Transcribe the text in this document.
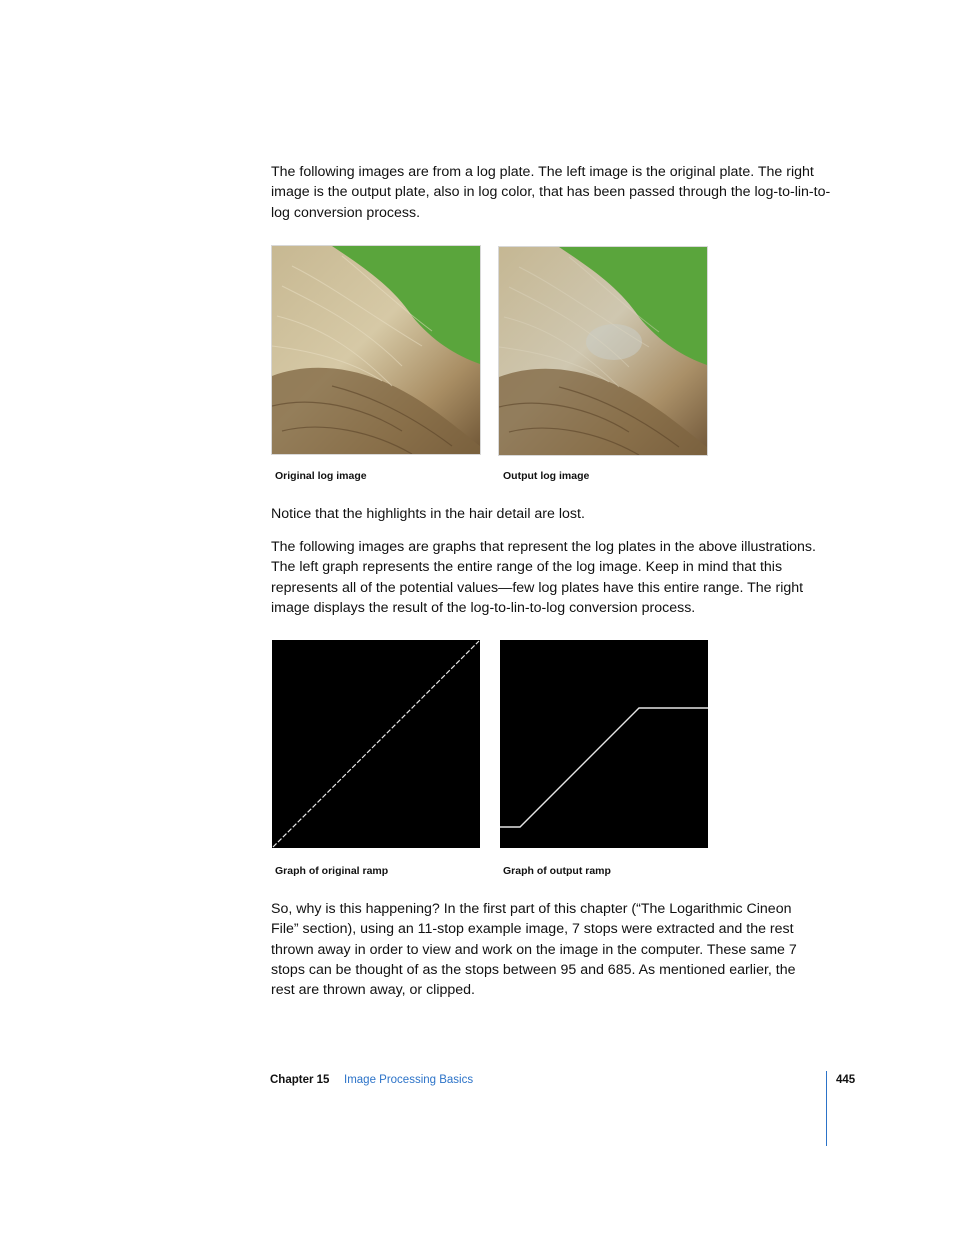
The following images are from a log plate. The left image is the original plate. The right image is the output plate, also in log color, that has been passed through the log-to-lin-to-log conversion process.

Original log image	Output log image

Notice that the highlights in the hair detail are lost.

The following images are graphs that represent the log plates in the above illustrations. The left graph represents the entire range of the log image. Keep in mind that this represents all of the potential values—few log plates have this entire range. The right image displays the result of the log-to-lin-to-log conversion process.

Graph of original ramp	Graph of output ramp

So, why is this happening? In the first part of this chapter (“The Logarithmic Cineon File” section), using an 11-stop example image, 7 stops were extracted and the rest thrown away in order to view and work on the image in the computer. These same 7 stops can be thought of as the stops between 95 and 685. As mentioned earlier, the rest are thrown away, or clipped.

Chapter 15 Image Processing Basics	445
